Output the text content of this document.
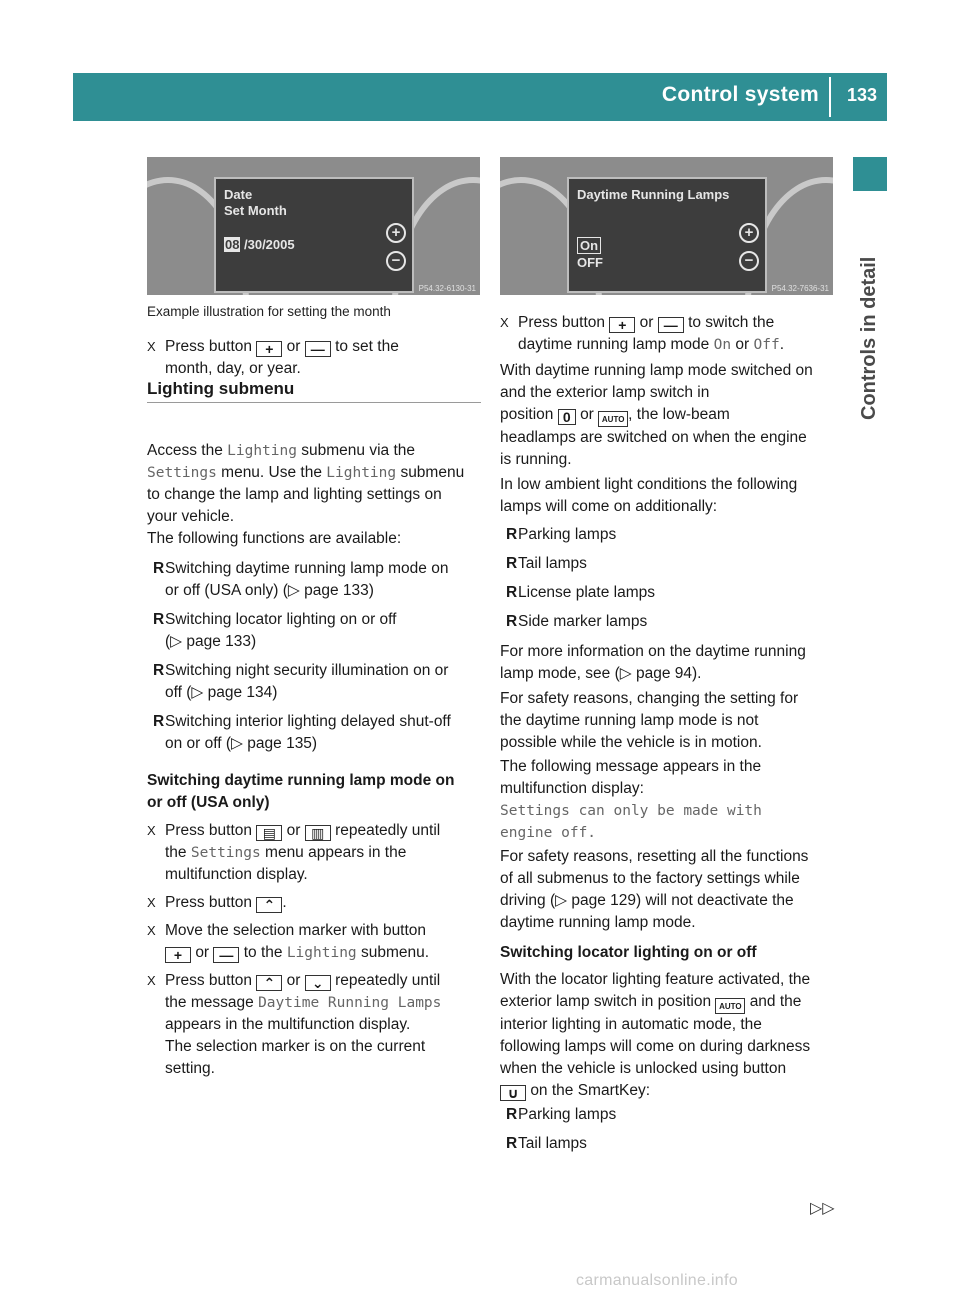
Control system 133
Controls in detail
Date
Set Month
08 /30/2005
+
−
P54.32-6130-31
Daytime Running Lamps
On
OFF
+
−
P54.32-7636-31
Example illustration for setting the month
X Press button + or — to set the
month, day, or year.
Lighting submenu
Access the Lighting submenu via the
Settings menu. Use the Lighting submenu
to change the lamp and lighting settings on
your vehicle.
The following functions are available:
R Switching daytime running lamp mode on
or off (USA only) (▷ page 133)
R Switching locator lighting on or off
(▷ page 133)
R Switching night security illumination on or
off (▷ page 134)
R Switching interior lighting delayed shut-off
on or off (▷ page 135)
Switching daytime running lamp mode on
or off (USA only)
X Press button ▤ or ▥ repeatedly until
the Settings menu appears in the
multifunction display.
X Press button ⌃ .
X Move the selection marker with button
+ or — to the Lighting submenu.
X Press button ⌃ or ⌄ repeatedly until
the message Daytime Running Lamps
appears in the multifunction display.
The selection marker is on the current
setting.
X Press button + or — to switch the
daytime running lamp mode On or Off.
With daytime running lamp mode switched on
and the exterior lamp switch in
position 0 or AUTO , the low-beam
headlamps are switched on when the engine
is running.
In low ambient light conditions the following
lamps will come on additionally:
R Parking lamps
R Tail lamps
R License plate lamps
R Side marker lamps
For more information on the daytime running
lamp mode, see (▷ page 94).
For safety reasons, changing the setting for
the daytime running lamp mode is not
possible while the vehicle is in motion.
The following message appears in the
multifunction display:
Settings can only be made with
engine off.
For safety reasons, resetting all the functions
of all submenus to the factory settings while
driving (▷ page 129) will not deactivate the
daytime running lamp mode.
Switching locator lighting on or off
With the locator lighting feature activated, the
exterior lamp switch in position AUTO and the
interior lighting in automatic mode, the
following lamps will come on during darkness
when the vehicle is unlocked using button
∪ on the SmartKey:
R Parking lamps
R Tail lamps
▷▷
carmanualsonline.info
